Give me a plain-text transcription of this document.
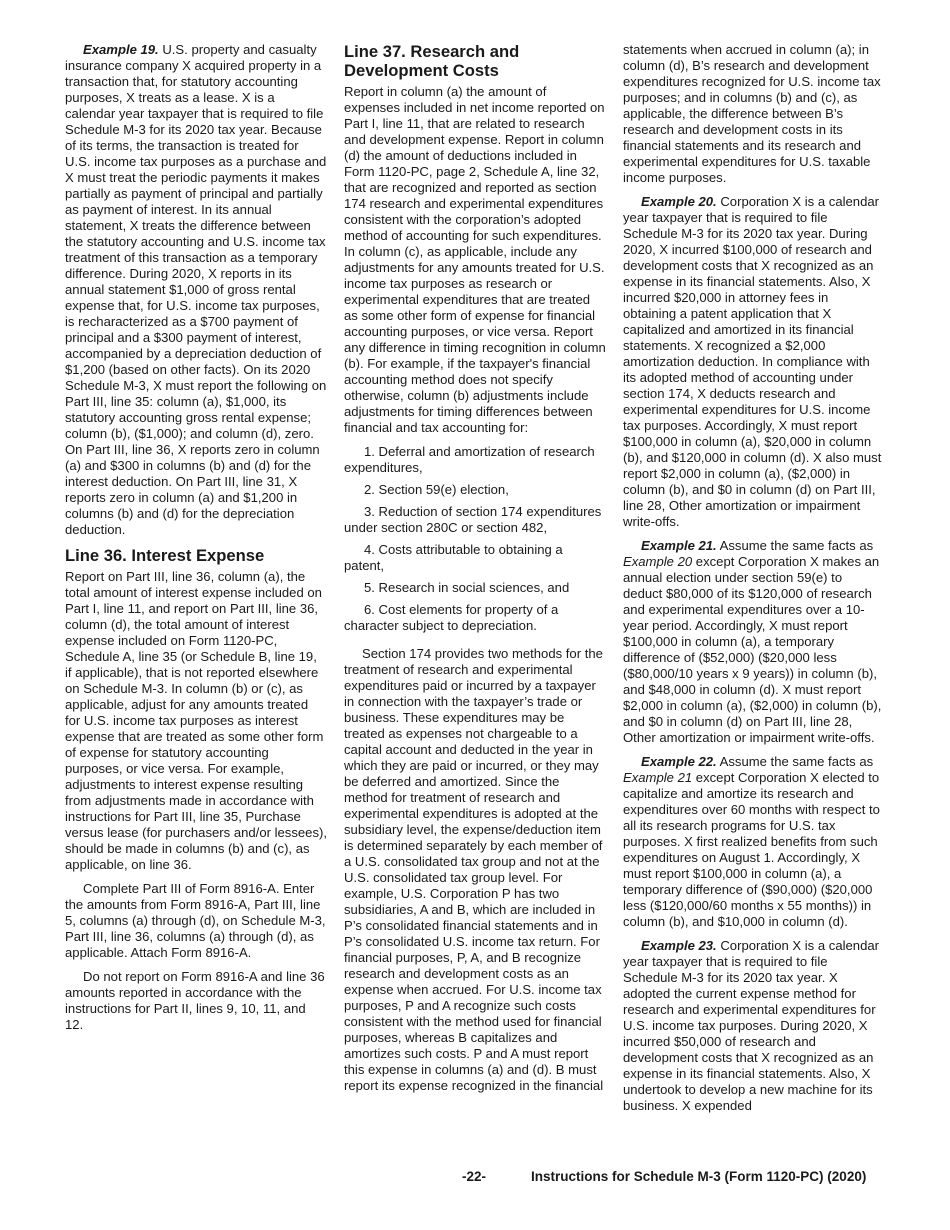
Example 19. U.S. property and casualty insurance company X acquired property in a transaction that, for statutory accounting purposes, X treats as a lease. X is a calendar year taxpayer that is required to file Schedule M-3 for its 2020 tax year. Because of its terms, the transaction is treated for U.S. income tax purposes as a purchase and X must treat the periodic payments it makes partially as payment of principal and partially as payment of interest. In its annual statement, X treats the difference between the statutory accounting and U.S. income tax treatment of this transaction as a temporary difference. During 2020, X reports in its annual statement $1,000 of gross rental expense that, for U.S. income tax purposes, is recharacterized as a $700 payment of principal and a $300 payment of interest, accompanied by a depreciation deduction of $1,200 (based on other facts). On its 2020 Schedule M-3, X must report the following on Part III, line 35: column (a), $1,000, its statutory accounting gross rental expense; column (b), ($1,000); and column (d), zero. On Part III, line 36, X reports zero in column (a) and $300 in columns (b) and (d) for the interest deduction. On Part III, line 31, X reports zero in column (a) and $1,200 in columns (b) and (d) for the depreciation deduction.

Line 36. Interest Expense

Report on Part III, line 36, column (a), the total amount of interest expense included on Part I, line 11, and report on Part III, line 36, column (d), the total amount of interest expense included on Form 1120-PC, Schedule A, line 35 (or Schedule B, line 19, if applicable), that is not reported elsewhere on Schedule M-3. In column (b) or (c), as applicable, adjust for any amounts treated for U.S. income tax purposes as interest expense that are treated as some other form of expense for statutory accounting purposes, or vice versa. For example, adjustments to interest expense resulting from adjustments made in accordance with instructions for Part III, line 35, Purchase versus lease (for purchasers and/or lessees), should be made in columns (b) and (c), as applicable, on line 36.

Complete Part III of Form 8916-A. Enter the amounts from Form 8916-A, Part III, line 5, columns (a) through (d), on Schedule M-3, Part III, line 36, columns (a) through (d), as applicable. Attach Form 8916-A.

Do not report on Form 8916-A and line 36 amounts reported in accordance with the instructions for Part II, lines 9, 10, 11, and 12.

Line 37. Research and Development Costs

Report in column (a) the amount of expenses included in net income reported on Part I, line 11, that are related to research and development expense. Report in column (d) the amount of deductions included in Form 1120-PC, page 2, Schedule A, line 32, that are recognized and reported as section 174 research and experimental expenditures consistent with the corporation’s adopted method of accounting for such expenditures. In column (c), as applicable, include any adjustments for any amounts treated for U.S. income tax purposes as research or experimental expenditures that are treated as some other form of expense for financial accounting purposes, or vice versa. Report any difference in timing recognition in column (b). For example, if the taxpayer's financial accounting method does not specify otherwise, column (b) adjustments include adjustments for timing differences between financial and tax accounting for:

1. Deferral and amortization of research expenditures,

2. Section 59(e) election,

3. Reduction of section 174 expenditures under section 280C or section 482,

4. Costs attributable to obtaining a patent,

5. Research in social sciences, and

6. Cost elements for property of a character subject to depreciation.

Section 174 provides two methods for the treatment of research and experimental expenditures paid or incurred by a taxpayer in connection with the taxpayer’s trade or business. These expenditures may be treated as expenses not chargeable to a capital account and deducted in the year in which they are paid or incurred, or they may be deferred and amortized. Since the method for treatment of research and experimental expenditures is adopted at the subsidiary level, the expense/deduction item is determined separately by each member of a U.S. consolidated tax group and not at the U.S. consolidated tax group level. For example, U.S. Corporation P has two subsidiaries, A and B, which are included in P’s consolidated financial statements and in P’s consolidated U.S. income tax return. For financial purposes, P, A, and B recognize research and development costs as an expense when accrued. For U.S. income tax purposes, P and A recognize such costs consistent with the method used for financial purposes, whereas B capitalizes and amortizes such costs. P and A must report this expense in columns (a) and (d). B must report its expense recognized in the financial

statements when accrued in column (a); in column (d), B’s research and development expenditures recognized for U.S. income tax purposes; and in columns (b) and (c), as applicable, the difference between B’s research and development costs in its financial statements and its research and experimental expenditures for U.S. taxable income purposes.

Example 20. Corporation X is a calendar year taxpayer that is required to file Schedule M-3 for its 2020 tax year. During 2020, X incurred $100,000 of research and development costs that X recognized as an expense in its financial statements. Also, X incurred $20,000 in attorney fees in obtaining a patent application that X capitalized and amortized in its financial statements. X recognized a $2,000 amortization deduction. In compliance with its adopted method of accounting under section 174, X deducts research and experimental expenditures for U.S. income tax purposes. Accordingly, X must report $100,000 in column (a), $20,000 in column (b), and $120,000 in column (d). X also must report $2,000 in column (a), ($2,000) in column (b), and $0 in column (d) on Part III, line 28, Other amortization or impairment write-offs.

Example 21. Assume the same facts as Example 20 except Corporation X makes an annual election under section 59(e) to deduct $80,000 of its $120,000 of research and experimental expenditures over a 10-year period. Accordingly, X must report $100,000 in column (a), a temporary difference of ($52,000) ($20,000 less ($80,000/10 years x 9 years)) in column (b), and $48,000 in column (d). X must report $2,000 in column (a), ($2,000) in column (b), and $0 in column (d) on Part III, line 28, Other amortization or impairment write-offs.

Example 22. Assume the same facts as Example 21 except Corporation X elected to capitalize and amortize its research and expenditures over 60 months with respect to all its research programs for U.S. tax purposes. X first realized benefits from such expenditures on August 1. Accordingly, X must report $100,000 in column (a), a temporary difference of ($90,000) ($20,000 less ($120,000/60 months x 55 months)) in column (b), and $10,000 in column (d).

Example 23. Corporation X is a calendar year taxpayer that is required to file Schedule M-3 for its 2020 tax year. X adopted the current expense method for research and experimental expenditures for U.S. income tax purposes. During 2020, X incurred $50,000 of research and development costs that X recognized as an expense in its financial statements. Also, X undertook to develop a new machine for its business. X expended

-22-	Instructions for Schedule M-3 (Form 1120-PC) (2020)
